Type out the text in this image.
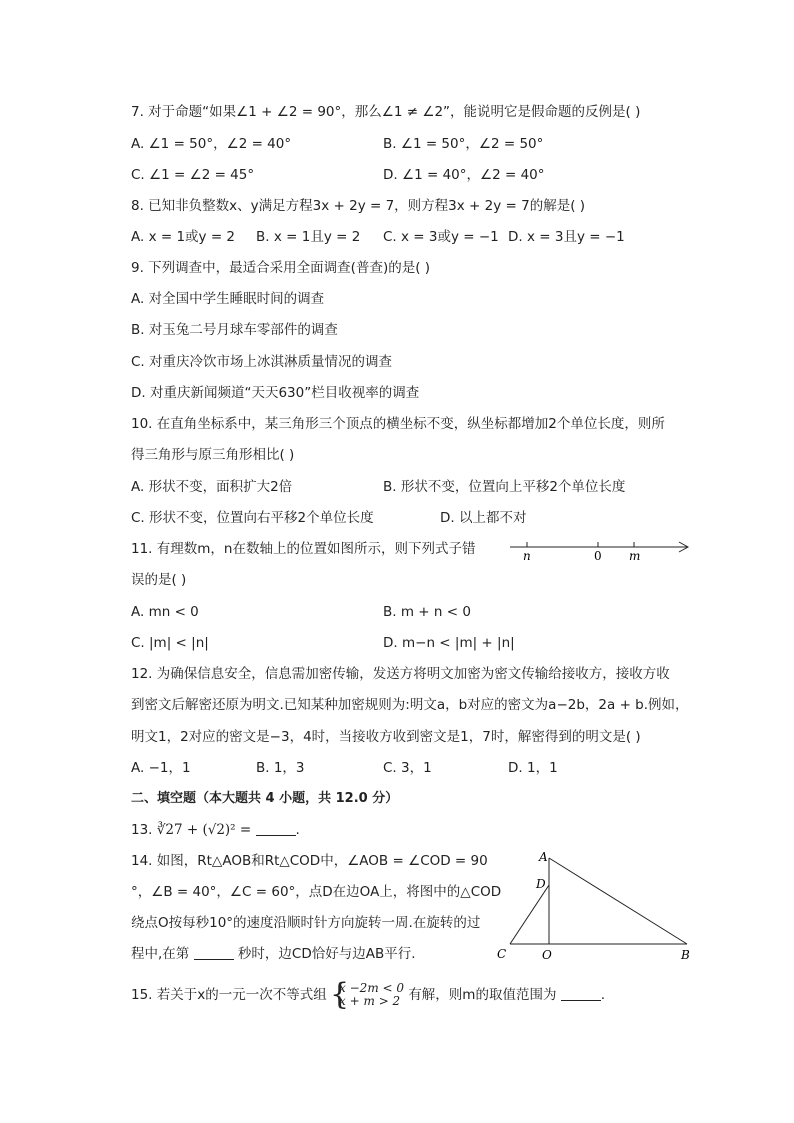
7. 对于命题“如果∠1 + ∠2 = 90°，那么∠1 ≠ ∠2”，能说明它是假命题的反例是( )
A. ∠1 = 50°，∠2 = 40°	B. ∠1 = 50°，∠2 = 50°
C. ∠1 = ∠2 = 45°	D. ∠1 = 40°，∠2 = 40°
8. 已知非负整数x、y满足方程3x + 2y = 7，则方程3x + 2y = 7的解是( )
A. x = 1或y = 2 B. x = 1且y = 2 C. x = 3或y = −1 D. x = 3且y = −1
9. 下列调查中，最适合采用全面调查(普查)的是( )
A. 对全国中学生睡眠时间的调查
B. 对玉兔二号月球车零部件的调查
C. 对重庆冷饮市场上冰淇淋质量情况的调查
D. 对重庆新闻频道“天天630”栏目收视率的调查
10. 在直角坐标系中，某三角形三个顶点的横坐标不变，纵坐标都增加2个单位长度，则所
得三角形与原三角形相比( )
A. 形状不变，面积扩大2倍	B. 形状不变，位置向上平移2个单位长度
C. 形状不变，位置向右平移2个单位长度	D. 以上都不对
11. 有理数m，n在数轴上的位置如图所示，则下列式子错
误的是( )
n	0 m
A. mn < 0	B. m + n < 0
C. |m| < |n|	D. m−n < |m| + |n|
12. 为确保信息安全，信息需加密传输，发送方将明文加密为密文传输给接收方，接收方收
到密文后解密还原为明文.已知某种加密规则为:明文a，b对应的密文为a−2b，2a + b.例如，
明文1，2对应的密文是−3，4时，当接收方收到密文是1，7时，解密得到的明文是( )
A. −1，1	B. 1，3	C. 3，1	D. 1，1
二、填空题（本大题共 4 小题，共 12.0 分）
13. ∛27 + (√2)² =	.
14. 如图，Rt△AOB和Rt△COD中，∠AOB = ∠COD = 90
°，∠B = 40°，∠C = 60°，点D在边OA上，将图中的△COD
绕点O按每秒10°的速度沿顺时针方向旋转一周.在旋转的过
程中,在第	秒时，边CD恰好与边AB平行.
A
D
C	O	B
15. 若关于x的一元一次不等式组 {
x −2m < 0
x + m > 2 有解，则m的取值范围为	.
